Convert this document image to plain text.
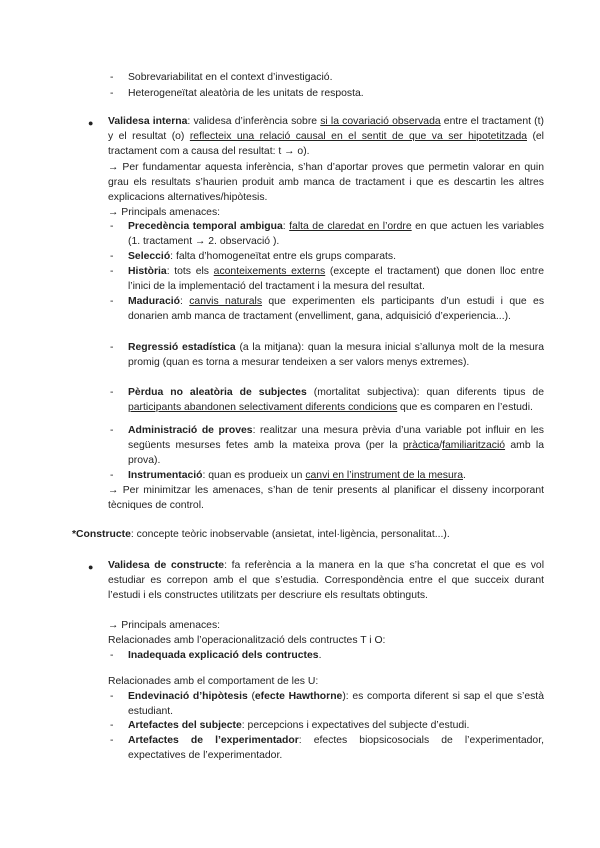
- Sobrevariabilitat en el context d’investigació.
- Heterogeneïtat aleatòria de les unitats de resposta.
● Validesa interna: validesa d’inferència sobre si la covariació observada entre el tractament (t) y el resultat (o) reflecteix una relació causal en el sentit de que va ser hipotetitzada (el tractament com a causa del resultat: t → o).

→ Per fundamentar aquesta inferència, s’han d’aportar proves que permetin valorar en quin grau els resultats s’haurien produit amb manca de tractament i que es descartin les altres explicacions alternatives/hipòtesis.

→ Principals amenaces:

- Precedència temporal ambigua: falta de claredat en l’ordre en que actuen les variables (1. tractament → 2. observació ).
- Selecció: falta d’homogeneïtat entre els grups comparats.
- Història: tots els aconteixements externs (excepte el tractament) que donen lloc entre l’inici de la implementació del tractament i la mesura del resultat.
- Maduració: canvis naturals que experimenten els participants d’un estudi i que es donarien amb manca de tractament (envelliment, gana, adquisició d’experiencia...).
- Regressió estadística (a la mitjana): quan la mesura inicial s’allunya molt de la mesura promig (quan es torna a mesurar tendeixen a ser valors menys extremes).
- Pèrdua no aleatòria de subjectes (mortalitat subjectiva): quan diferents tipus de participants abandonen selectivament diferents condicions que es comparen en l’estudi.
- Administració de proves: realitzar una mesura prèvia d’una variable pot influir en les següents mesurses fetes amb la mateixa prova (per la pràctica/familiarització amb la prova).
- Instrumentació: quan es produeix un canvi en l’instrument de la mesura.

→ Per minimitzar les amenaces, s’han de tenir presents al planificar el disseny incorporant tècniques de control.

*Constructe: concepte teòric inobservable (ansietat, intel·ligència, personalitat...).

● Validesa de constructe: fa referència a la manera en la que s’ha concretat el que es vol estudiar es correpon amb el que s’estudia. Correspondència entre el que succeix durant l’estudi i els constructes utilitzats per descriure els resultats obtinguts.

→ Principals amenaces:

Relacionades amb l’operacionalització dels contructes T i O:

- Inadequada explicació dels contructes.

Relacionades amb el comportament de les U:

- Endevinació d’hipòtesis (efecte Hawthorne): es comporta diferent si sap el que s’està estudiant.
- Artefactes del subjecte: percepcions i expectatives del subjecte d’estudi.
- Artefactes de l’experimentador: efectes biopsicosocials de l’experimentador, expectatives de l’experimentador.
